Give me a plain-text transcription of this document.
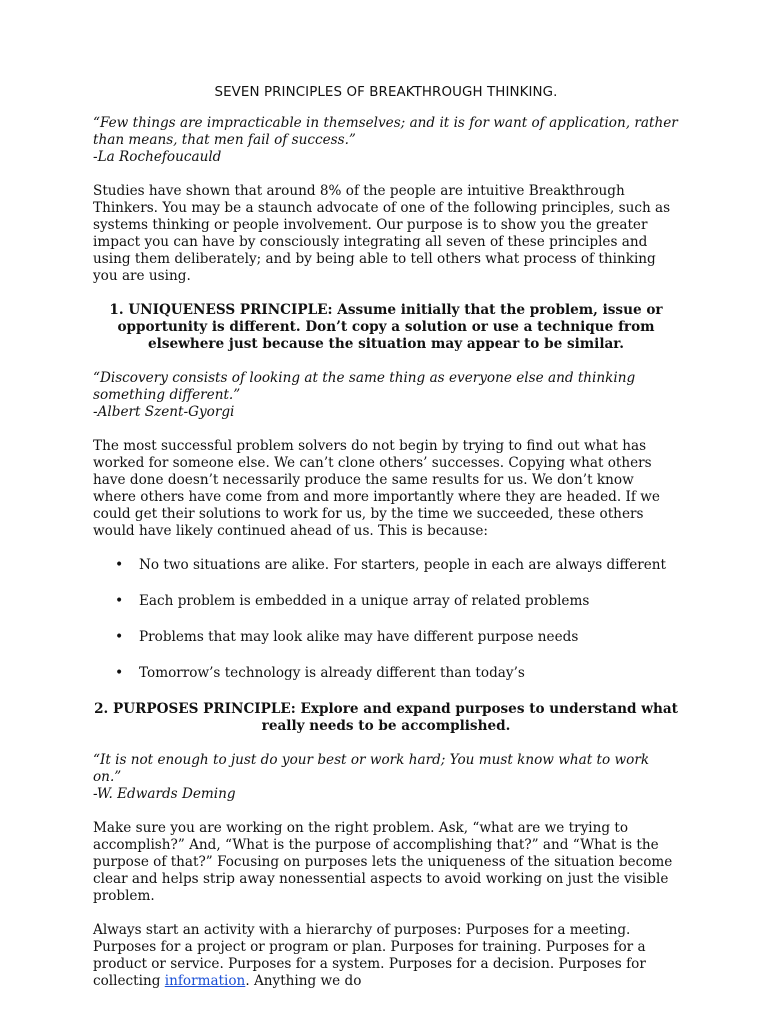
SEVEN PRINCIPLES OF BREAKTHROUGH THINKING.

“Few things are impracticable in themselves; and it is for want of application, rather than means, that men fail of success.”

-La Rochefoucauld

Studies have shown that around 8% of the people are intuitive Breakthrough Thinkers. You may be a staunch advocate of one of the following principles, such as systems thinking or people involvement. Our purpose is to show you the greater impact you can have by consciously integrating all seven of these principles and using them deliberately; and by being able to tell others what process of thinking you are using.

1. UNIQUENESS PRINCIPLE: Assume initially that the problem, issue or opportunity is different. Don’t copy a solution or use a technique from elsewhere just because the situation may appear to be similar.

“Discovery consists of looking at the same thing as everyone else and thinking something different.”

-Albert Szent-Gyorgi

The most successful problem solvers do not begin by trying to find out what has worked for someone else. We can’t clone others’ successes. Copying what others have done doesn’t necessarily produce the same results for us. We don’t know where others have come from and more importantly where they are headed. If we could get their solutions to work for us, by the time we succeeded, these others would have likely continued ahead of us. This is because:

• No two situations are alike. For starters, people in each are always different
• Each problem is embedded in a unique array of related problems
• Problems that may look alike may have different purpose needs
• Tomorrow’s technology is already different than today’s
2. PURPOSES PRINCIPLE: Explore and expand purposes to understand what really needs to be accomplished.

“It is not enough to just do your best or work hard; You must know what to work on.”

-W. Edwards Deming

Make sure you are working on the right problem. Ask, “what are we trying to accomplish?” And, “What is the purpose of accomplishing that?” and “What is the purpose of that?” Focusing on purposes lets the uniqueness of the situation become clear and helps strip away nonessential aspects to avoid working on just the visible problem.

Always start an activity with a hierarchy of purposes: Purposes for a meeting. Purposes for a project or program or plan. Purposes for training. Purposes for a product or service. Purposes for a system. Purposes for a decision. Purposes for collecting information. Anything we do
